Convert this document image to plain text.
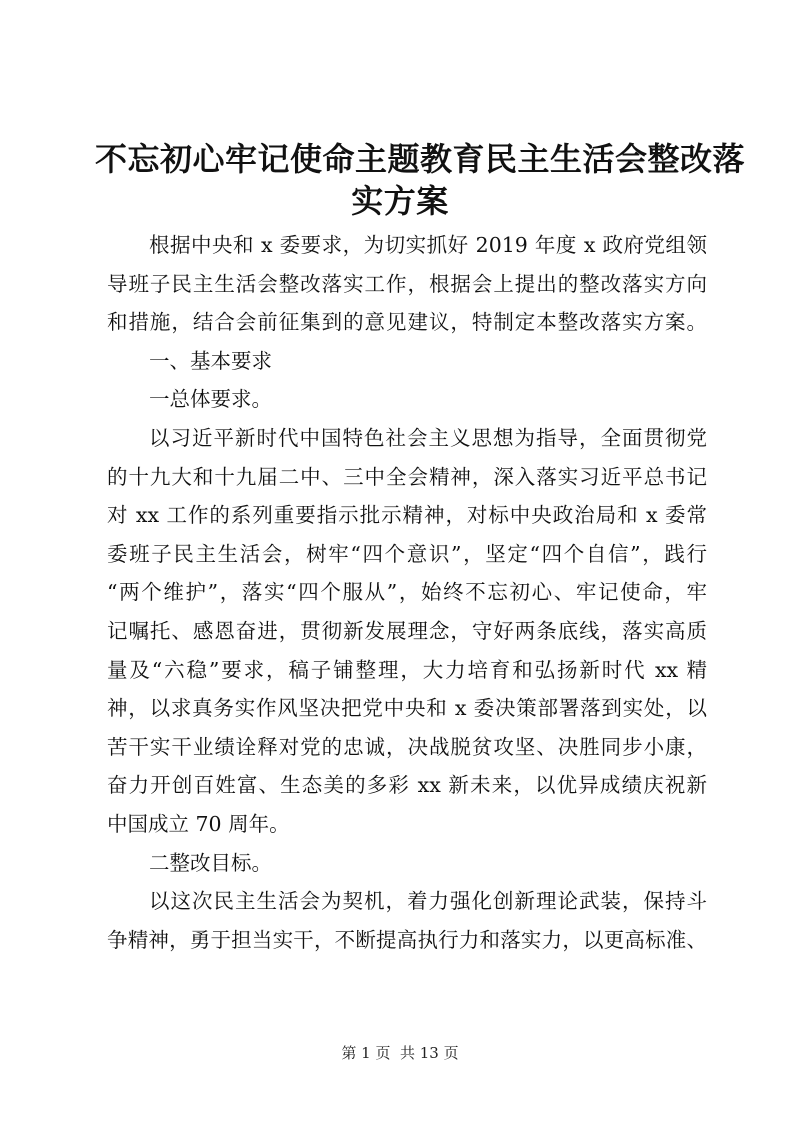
不忘初心牢记使命主题教育民主生活会整改落
实方案
根据中央和 x 委要求，为切实抓好 2019 年度 x 政府党组领
导班子民主生活会整改落实工作，根据会上提出的整改落实方向
和措施，结合会前征集到的意见建议，特制定本整改落实方案。
一、基本要求
一总体要求。
以习近平新时代中国特色社会主义思想为指导，全面贯彻党
的十九大和十九届二中、三中全会精神，深入落实习近平总书记
对 xx 工作的系列重要指示批示精神，对标中央政治局和 x 委常
委班子民主生活会，树牢“四个意识”，坚定“四个自信”，践行
“两个维护”，落实“四个服从”，始终不忘初心、牢记使命，牢
记嘱托、感恩奋进，贯彻新发展理念，守好两条底线，落实高质
量及“六稳”要求，稿子铺整理，大力培育和弘扬新时代 xx 精
神，以求真务实作风坚决把党中央和 x 委决策部署落到实处，以
苦干实干业绩诠释对党的忠诚，决战脱贫攻坚、决胜同步小康，
奋力开创百姓富、生态美的多彩 xx 新未来，以优异成绩庆祝新
中国成立 70 周年。
二整改目标。
以这次民主生活会为契机，着力强化创新理论武装，保持斗
争精神，勇于担当实干，不断提高执行力和落实力，以更高标准、
第 1 页  共 13 页
